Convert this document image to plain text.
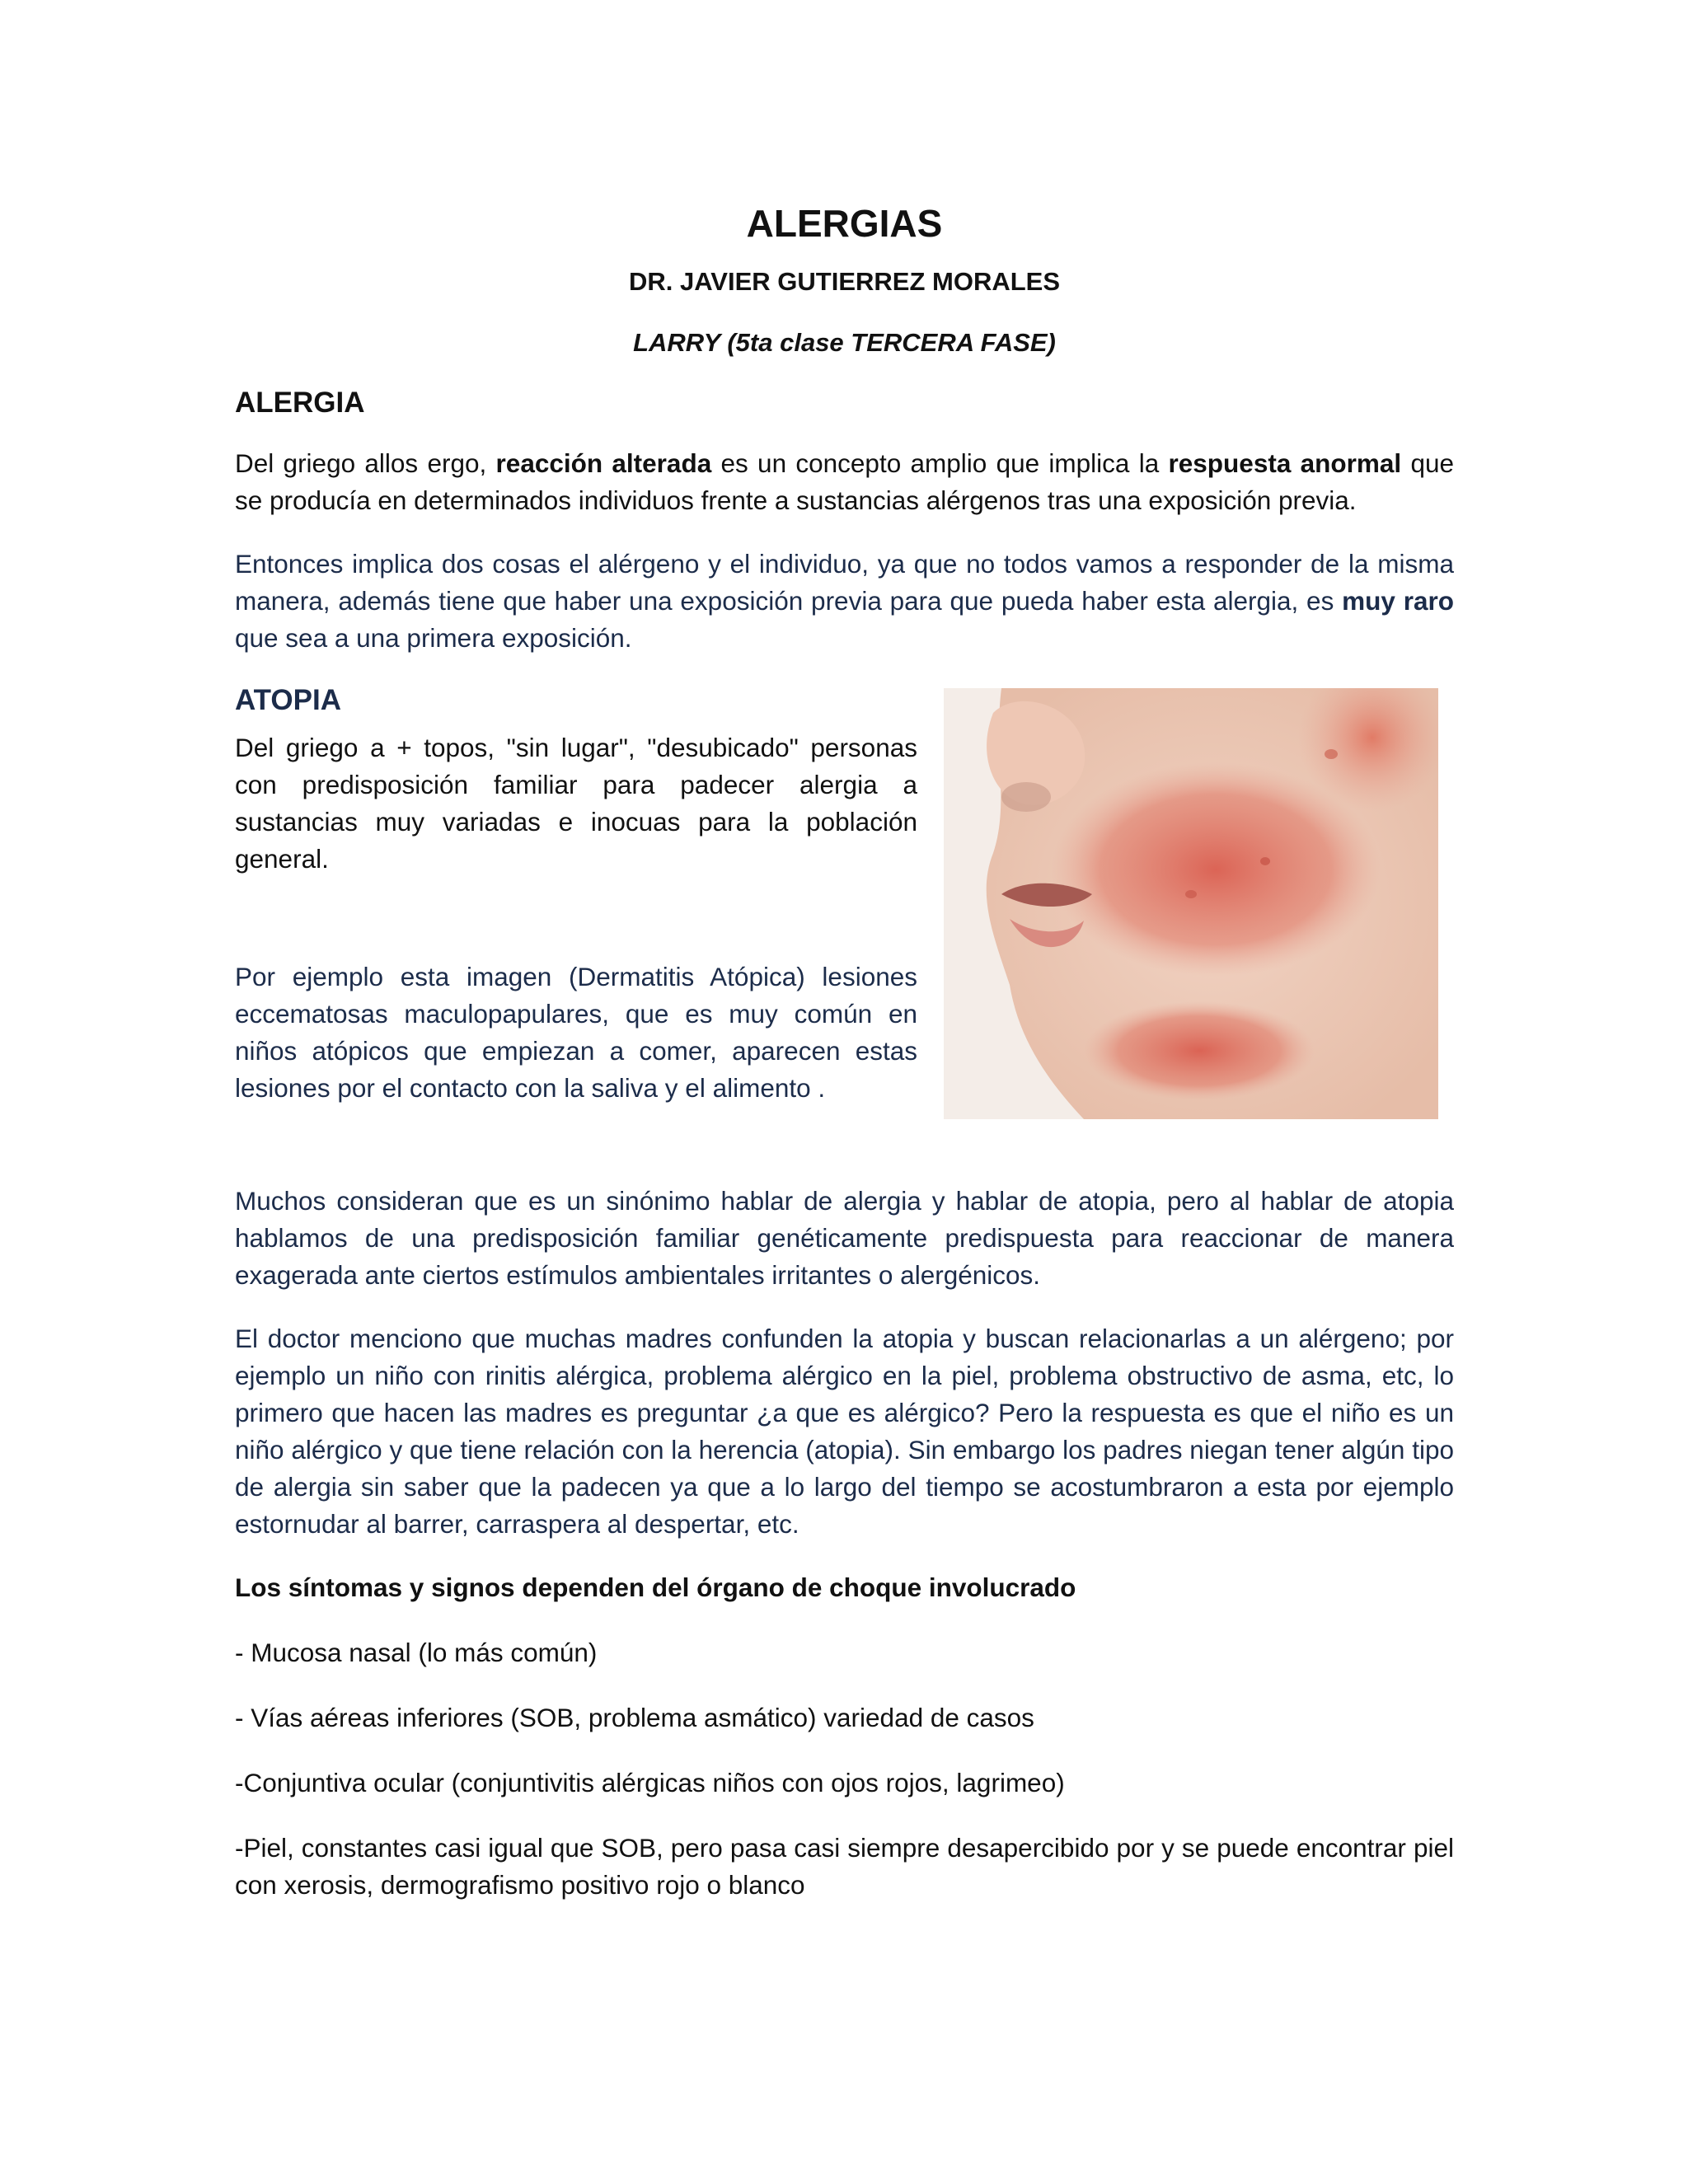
ALERGIAS
DR. JAVIER GUTIERREZ MORALES
LARRY (5ta clase TERCERA FASE)
ALERGIA

Del griego allos ergo, reacción alterada es un concepto amplio que implica la respuesta anormal que se producía en determinados individuos frente a sustancias alérgenos tras una exposición previa.

Entonces implica dos cosas el alérgeno y el individuo, ya que no todos vamos a responder de la misma manera, además tiene que haber una exposición previa para que pueda haber esta alergia, es muy raro que sea a una primera exposición.

ATOPIA

Del griego a + topos, "sin lugar", "desubicado" personas con predisposición familiar para padecer alergia a sustancias muy variadas e inocuas para la población general.

Por ejemplo esta imagen (Dermatitis Atópica) lesiones eccematosas maculopapulares, que es muy común en niños atópicos que empiezan a comer, aparecen estas lesiones por el contacto con la saliva y el alimento .

Muchos consideran que es un sinónimo hablar de alergia y hablar de atopia, pero al hablar de atopia hablamos de una predisposición familiar genéticamente predispuesta para reaccionar de manera exagerada ante ciertos estímulos ambientales irritantes o alergénicos.

El doctor menciono que muchas madres confunden la atopia y buscan relacionarlas a un alérgeno; por ejemplo un niño con rinitis alérgica, problema alérgico en la piel, problema obstructivo de asma, etc, lo primero que hacen las madres es preguntar ¿a que es alérgico? Pero la respuesta es que el niño es un niño alérgico y que tiene relación con la herencia (atopia). Sin embargo los padres niegan tener algún tipo de alergia sin saber que la padecen ya que a lo largo del tiempo se acostumbraron a esta por ejemplo estornudar al barrer, carraspera al despertar, etc.

Los síntomas y signos dependen del órgano de choque involucrado

- Mucosa nasal (lo más común)

- Vías aéreas inferiores (SOB, problema asmático) variedad de casos

-Conjuntiva ocular (conjuntivitis alérgicas niños con ojos rojos, lagrimeo)

-Piel, constantes casi igual que SOB, pero pasa casi siempre desapercibido por y se puede encontrar piel con xerosis, dermografismo positivo rojo o blanco
